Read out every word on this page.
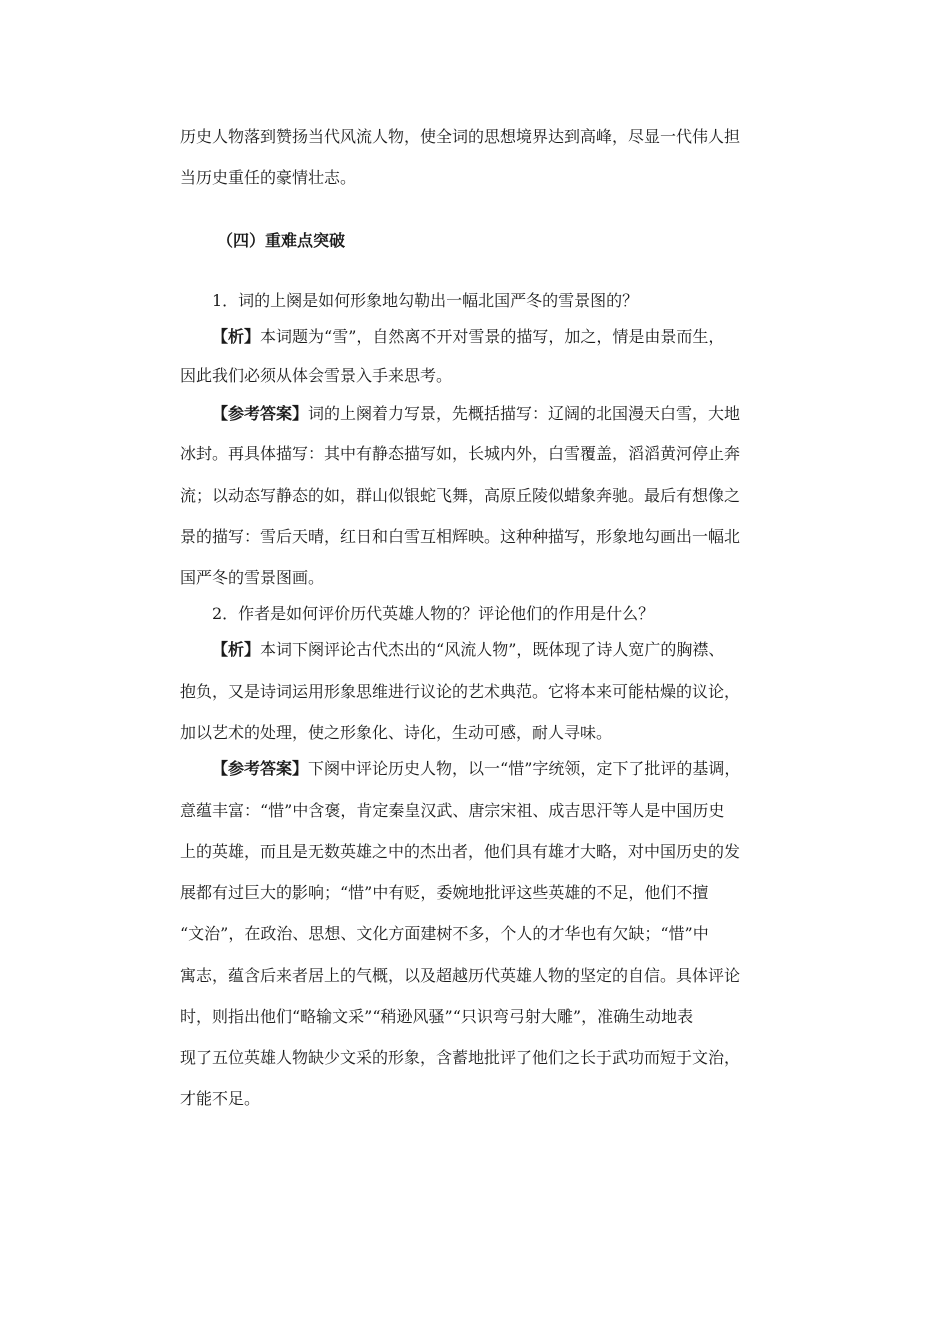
历史人物落到赞扬当代风流人物，使全词的思想境界达到高峰，尽显一代伟人担
当历史重任的豪情壮志。
（四）重难点突破
1．词的上阕是如何形象地勾勒出一幅北国严冬的雪景图的？
【析】本词题为“雪”，自然离不开对雪景的描写，加之，情是由景而生，
因此我们必须从体会雪景入手来思考。
【参考答案】词的上阕着力写景，先概括描写：辽阔的北国漫天白雪，大地
冰封。再具体描写：其中有静态描写如，长城内外，白雪覆盖，滔滔黄河停止奔
流；以动态写静态的如，群山似银蛇飞舞，高原丘陵似蜡象奔驰。最后有想像之
景的描写：雪后天晴，红日和白雪互相辉映。这种种描写，形象地勾画出一幅北
国严冬的雪景图画。
2．作者是如何评价历代英雄人物的？评论他们的作用是什么？
【析】本词下阕评论古代杰出的“风流人物”，既体现了诗人宽广的胸襟、
抱负，又是诗词运用形象思维进行议论的艺术典范。它将本来可能枯燥的议论，
加以艺术的处理，使之形象化、诗化，生动可感，耐人寻味。
【参考答案】下阕中评论历史人物，以一“惜”字统领，定下了批评的基调，
意蕴丰富：“惜”中含褒，肯定秦皇汉武、唐宗宋祖、成吉思汗等人是中国历史
上的英雄，而且是无数英雄之中的杰出者，他们具有雄才大略，对中国历史的发
展都有过巨大的影响；“惜”中有贬，委婉地批评这些英雄的不足，他们不擅
“文治”，在政治、思想、文化方面建树不多，个人的才华也有欠缺；“惜”中
寓志，蕴含后来者居上的气概，以及超越历代英雄人物的坚定的自信。具体评论
时，则指出他们“略输文采”“稍逊风骚”“只识弯弓射大雕”，准确生动地表
现了五位英雄人物缺少文采的形象，含蓄地批评了他们之长于武功而短于文治，
才能不足。
